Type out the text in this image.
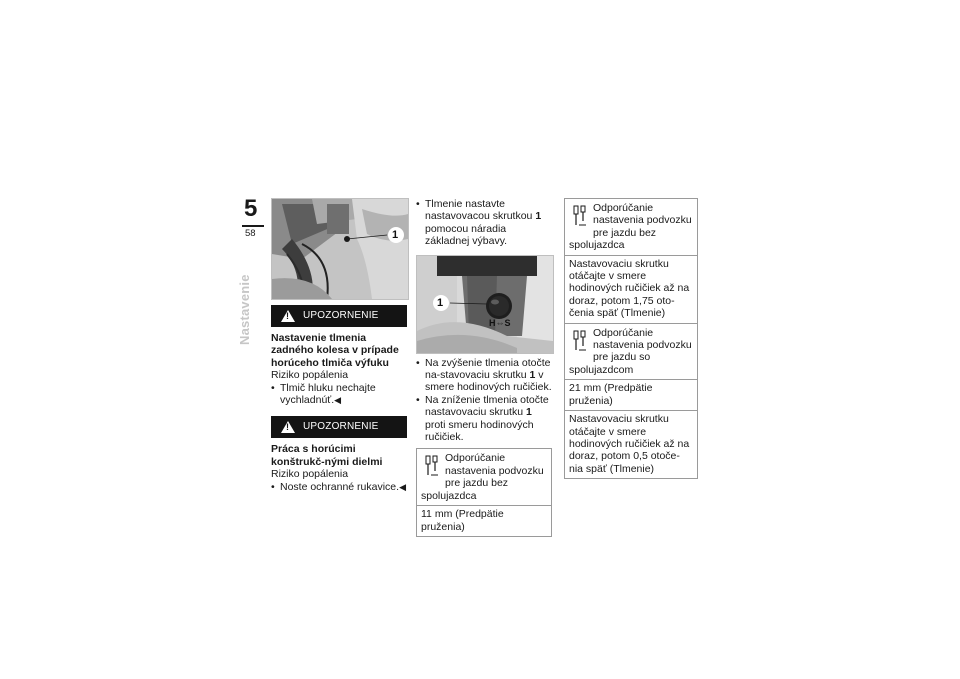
5
58
Nastavenie
1
!
UPOZORNENIE

Nastavenie tlmenia zadného kolesa v prípade horúceho tlmiča výfuku

Riziko popálenia

• Tlmič hluku nechajte vychladnúť.◀

!
UPOZORNENIE

Práca s horúcimi konštrukč-nými dielmi

Riziko popálenia

• Noste ochranné rukavice.◀

• Tlmenie nastavte nastavovacou skrutkou 1 pomocou náradia základnej výbavy.

1
H⇔S

• Na zvýšenie tlmenia otočte na-stavovaciu skrutku 1 v smere hodinových ručičiek.

• Na zníženie tlmenia otočte nastavovaciu skrutku 1 proti smeru hodinových ručičiek.

Odporúčanie nastavenia podvozku pre jazdu bez spolujazdca
11 mm (Predpätie pruženia)
Odporúčanie nastavenia podvozku pre jazdu bez spolujazdca
Nastavovaciu skrutku otáčajte v smere hodinových ručičiek až na doraz, potom 1,75 oto-čenia späť (Tlmenie)
Odporúčanie nastavenia podvozku pre jazdu so spolujazdcom
21 mm (Predpätie pruženia)
Nastavovaciu skrutku otáčajte v smere hodinových ručičiek až na doraz, potom 0,5 otoče-nia späť (Tlmenie)
